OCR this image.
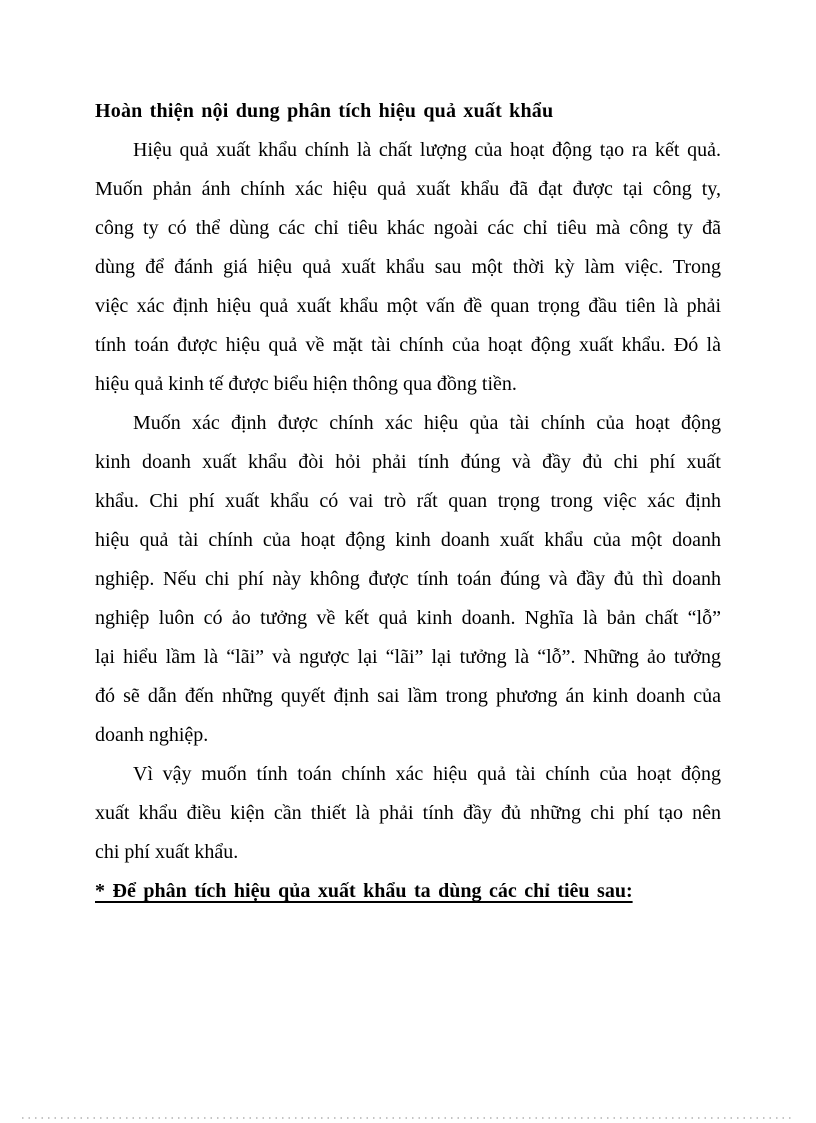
Hoàn thiện nội dung phân tích hiệu quả xuất khẩu
Hiệu quả xuất khẩu chính là chất lượng của hoạt động tạo ra kết quả.
Muốn phản ánh chính xác hiệu quả xuất khẩu đã đạt được tại công ty,
công ty có thể dùng các chỉ tiêu khác ngoài các chỉ tiêu mà công ty đã
dùng để đánh giá hiệu quả xuất khẩu sau một thời kỳ làm việc. Trong
việc xác định hiệu quả xuất khẩu một vấn đề quan trọng đầu tiên là phải
tính toán được hiệu quả về mặt tài chính của hoạt động xuất khẩu. Đó là
hiệu quả kinh tế được biểu hiện thông qua đồng tiền.
Muốn xác định được chính xác hiệu qủa tài chính của hoạt động
kinh doanh xuất khẩu đòi hỏi phải tính đúng và đầy đủ chi phí xuất
khẩu. Chi phí xuất khẩu có vai trò rất quan trọng trong việc xác định
hiệu quả tài chính của hoạt động kinh doanh xuất khẩu của một doanh
nghiệp. Nếu chi phí này không được tính toán đúng và đầy đủ thì doanh
nghiệp luôn có ảo tưởng về kết quả kinh doanh. Nghĩa là bản chất “lỗ”
lại hiểu lầm là “lãi” và ngược lại “lãi” lại tưởng là “lỗ”. Những ảo tưởng
đó sẽ dẫn đến những quyết định sai lầm trong phương án kinh doanh của
doanh nghiệp.
Vì vậy muốn tính toán chính xác hiệu quả tài chính của hoạt động
xuất khẩu điều kiện cần thiết là phải tính đầy đủ những chi phí tạo nên
chi phí xuất khẩu.
* Để phân tích hiệu qủa xuất khẩu ta dùng các chỉ tiêu sau:
